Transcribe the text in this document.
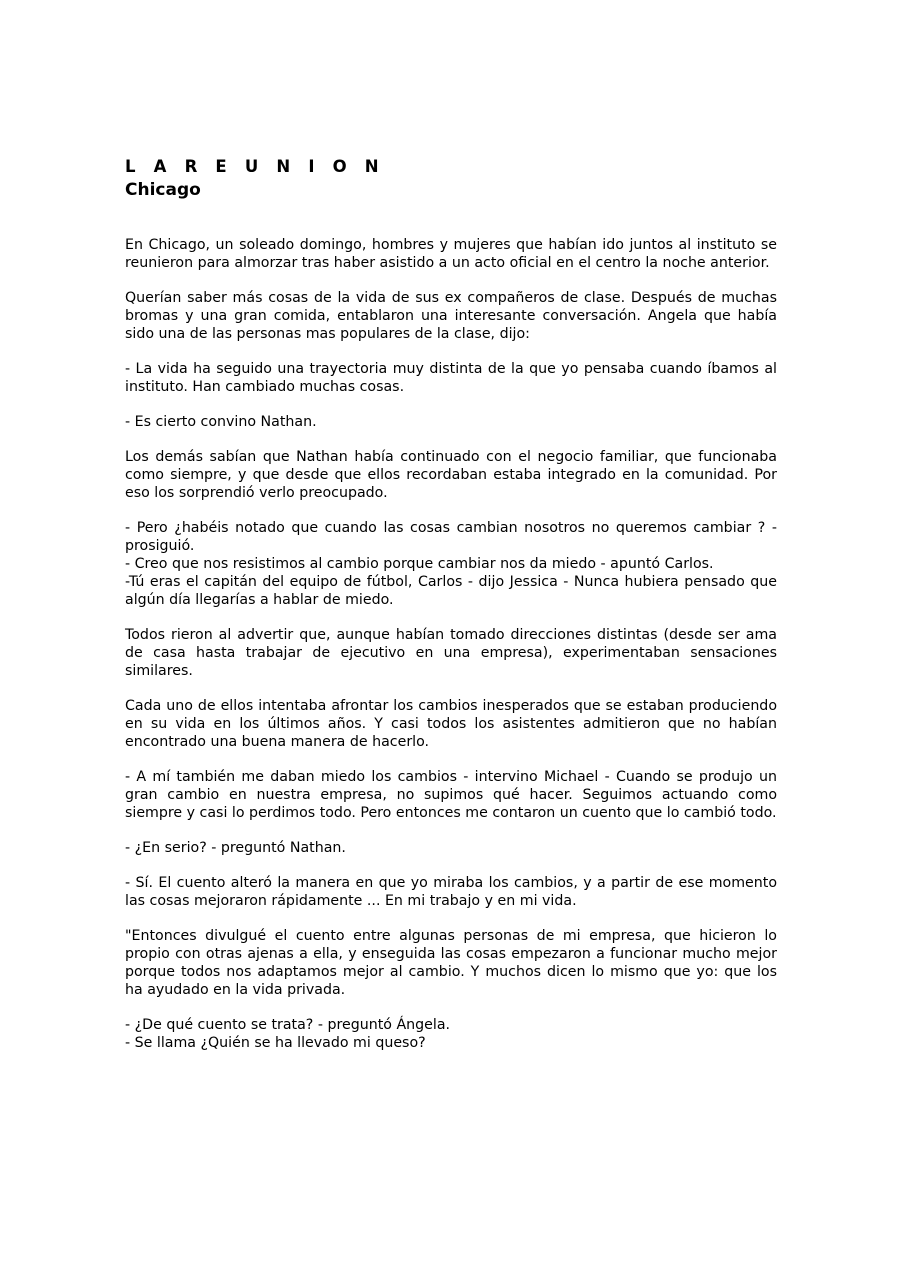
L A R E U N I O N
Chicago

En Chicago, un soleado domingo, hombres y mujeres que habían ido juntos al instituto se reunieron para almorzar tras haber asistido a un acto oficial en el centro la noche anterior.

Querían saber más cosas de la vida de sus ex compañeros de clase. Después de muchas bromas y una gran comida, entablaron una interesante conversación. Angela que había sido una de las personas mas populares de la clase, dijo:

- La vida ha seguido una trayectoria muy distinta de la que yo pensaba cuando íbamos al instituto. Han cambiado muchas cosas.

- Es cierto convino Nathan.

Los demás sabían que Nathan había continuado con el negocio familiar, que funcionaba como siempre, y que desde que ellos recordaban estaba integrado en la comunidad. Por eso los sorprendió verlo preocupado.

- Pero ¿habéis notado que cuando las cosas cambian nosotros no queremos cambiar ? - prosiguió.

- Creo que nos resistimos al cambio porque cambiar nos da miedo - apuntó Carlos.

-Tú eras el capitán del equipo de fútbol, Carlos - dijo Jessica - Nunca hubiera pensado que algún día llegarías a hablar de miedo.

Todos rieron al advertir que, aunque habían tomado direcciones distintas (desde ser ama de casa hasta trabajar de ejecutivo en una empresa), experimentaban sensaciones similares.

Cada uno de ellos intentaba afrontar los cambios inesperados que se estaban produciendo en su vida en los últimos años. Y casi todos los asistentes admitieron que no habían encontrado una buena manera de hacerlo.

- A mí también me daban miedo los cambios - intervino Michael - Cuando se produjo un gran cambio en nuestra empresa, no supimos qué hacer. Seguimos actuando como siempre y casi lo perdimos todo. Pero entonces me contaron un cuento que lo cambió todo.

- ¿En serio? - preguntó Nathan.

- Sí. El cuento alteró la manera en que yo miraba los cambios, y a partir de ese momento las cosas mejoraron rápidamente ... En mi trabajo y en mi vida.

"Entonces divulgué el cuento entre algunas personas de mi empresa, que hicieron lo propio con otras ajenas a ella, y enseguida las cosas empezaron a funcionar mucho mejor porque todos nos adaptamos mejor al cambio. Y muchos dicen lo mismo que yo: que los ha ayudado en la vida privada.

- ¿De qué cuento se trata? - preguntó Ángela.

- Se llama ¿Quién se ha llevado mi queso?
